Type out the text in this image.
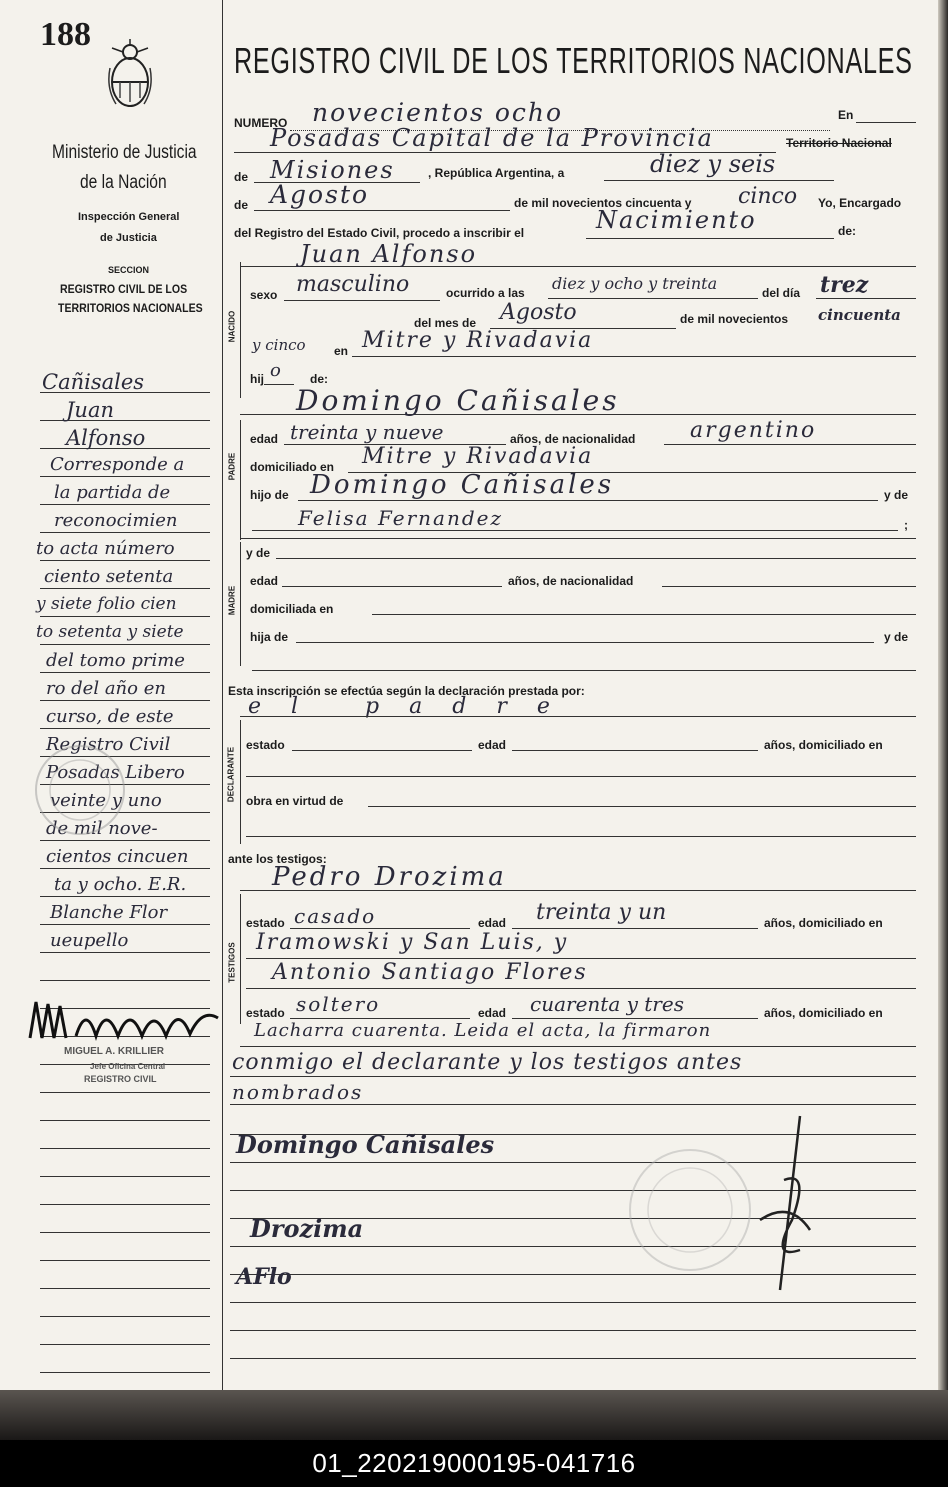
188
Ministerio de Justicia
de la Nación
Inspección General
de Justicia
SECCION
REGISTRO CIVIL DE LOS
TERRITORIOS NACIONALES
REGISTRO CIVIL DE LOS TERRITORIOS NACIONALES
Cañisales
Juan
Alfonso
Corresponde a
la partida de
reconocimien
to acta número
ciento setenta
y siete folio cien
to setenta y siete
del tomo prime
ro del año en
curso, de este
Registro Civil
Posadas Libero
veinte y uno
de mil nove-
cientos cincuen
ta y ocho. E.R.
Blanche Flor
ueupello
MIGUEL A. KRILLIER
Jefe Oficina Central
REGISTRO CIVIL
NUMERO novecientos ocho	En
Posadas Capital de la Provincia	Territorio Nacional
de Misiones	, República Argentina, a	diez y seis
de Agosto	de mil novecientos cincuenta y cinco Yo, Encargado
del Registro del Estado Civil, procedo a inscribir el	Nacimiento	de:
NACIDO
Juan Alfonso
sexo masculino	ocurrido a las diez y ocho y treinta	del día trez
del mes de Agosto	de mil novecientos cincuenta
y cinco en Mitre y Rivadavia
hij o de:
Domingo Cañisales
PADRE
edad treinta y nueve	años, de nacionalidad argentino
domiciliado en Mitre y Rivadavia
hijo de Domingo Cañisales	y de
Felisa Fernandez	;
MADRE
y de
edad	años, de nacionalidad
domiciliada en
hija de	y de
Esta inscripción se efectúa según la declaración prestada por:
el padre
DECLARANTE
estado	edad	años, domiciliado en
obra en virtud de
ante los testigos:
Pedro Drozima
TESTIGOS
estado casado	edad treinta y un	años, domiciliado en
Iramowski y San Luis, y
Antonio Santiago Flores
estado soltero	edad cuarenta y tres	años, domiciliado en
Lacharra cuarenta. Leida el acta, la firmaron
conmigo el declarante y los testigos antes
nombrados
Domingo Cañisales
Drozima
AFlo
01_220219000195-041716
